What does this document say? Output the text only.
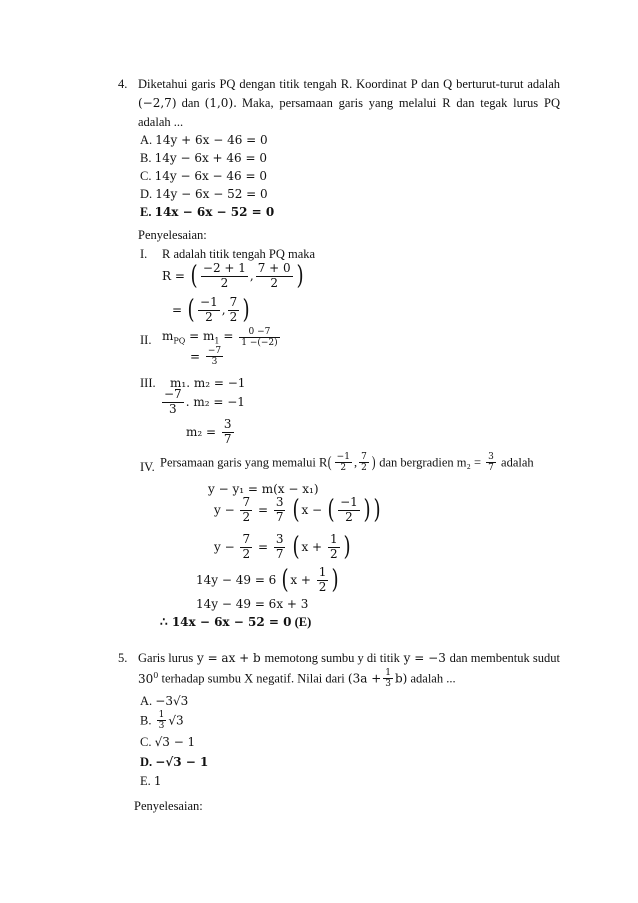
4. Diketahui garis PQ dengan titik tengah R. Koordinat P dan Q berturut-turut adalah
(−2,7) dan (1,0). Maka, persamaan garis yang melalui R dan tegak lurus PQ
adalah ...
A. 14y + 6x − 46 = 0
B. 14y − 6x + 46 = 0
C. 14y − 6x − 46 = 0
D. 14y − 6x − 52 = 0
E. 14x − 6x − 52 = 0
Penyelesaian:
I. R adalah titik tengah PQ maka
R = ( $\frac{-2 + 1}{2}$ , $\frac{7 + 0}{2}$ )
= ( $\frac{-1}{2}$ , $\frac{7}{2}$ )
II. $m_{PQ} = m_1 = \frac{0 -7}{1 -(-2)}$
= $\frac{-7}{3}$
III. m₁. m₂ = −1
$\frac{-7}{3}$ . m₂ = −1
$m_2 = \frac{3}{7}$
IV. Persamaan garis yang memalui $R( \frac{-1}{2}$ , $\frac{7}{2}$ ) dan bergradien $m_2 = \frac{3}{7}$ adalah
y − y₁ = m(x − x₁)
$y - \frac{7}{2} = \frac{3}{7}$ ( x − ( $\frac{-1}{2}$ ) )
$y - \frac{7}{2} = \frac{3}{7}$ ( $x + \frac{1}{2}$ )
14y − 49 = 6 ( $x + \frac{1}{2}$ )
14y − 49 = 6x + 3
∴ 14x − 6x − 52 = 0 (E)
5. Garis lurus y = ax + b memotong sumbu y di titik y = −3 dan membentuk sudut
$30^0$ terhadap sumbu X negatif. Nilai dari $(3a + \frac{1}{3} b)$ adalah ...
A. −3√3
B. $\frac{1}{3} √3$
C. √3 − 1
D. −√3 − 1
E. 1
Penyelesaian:
